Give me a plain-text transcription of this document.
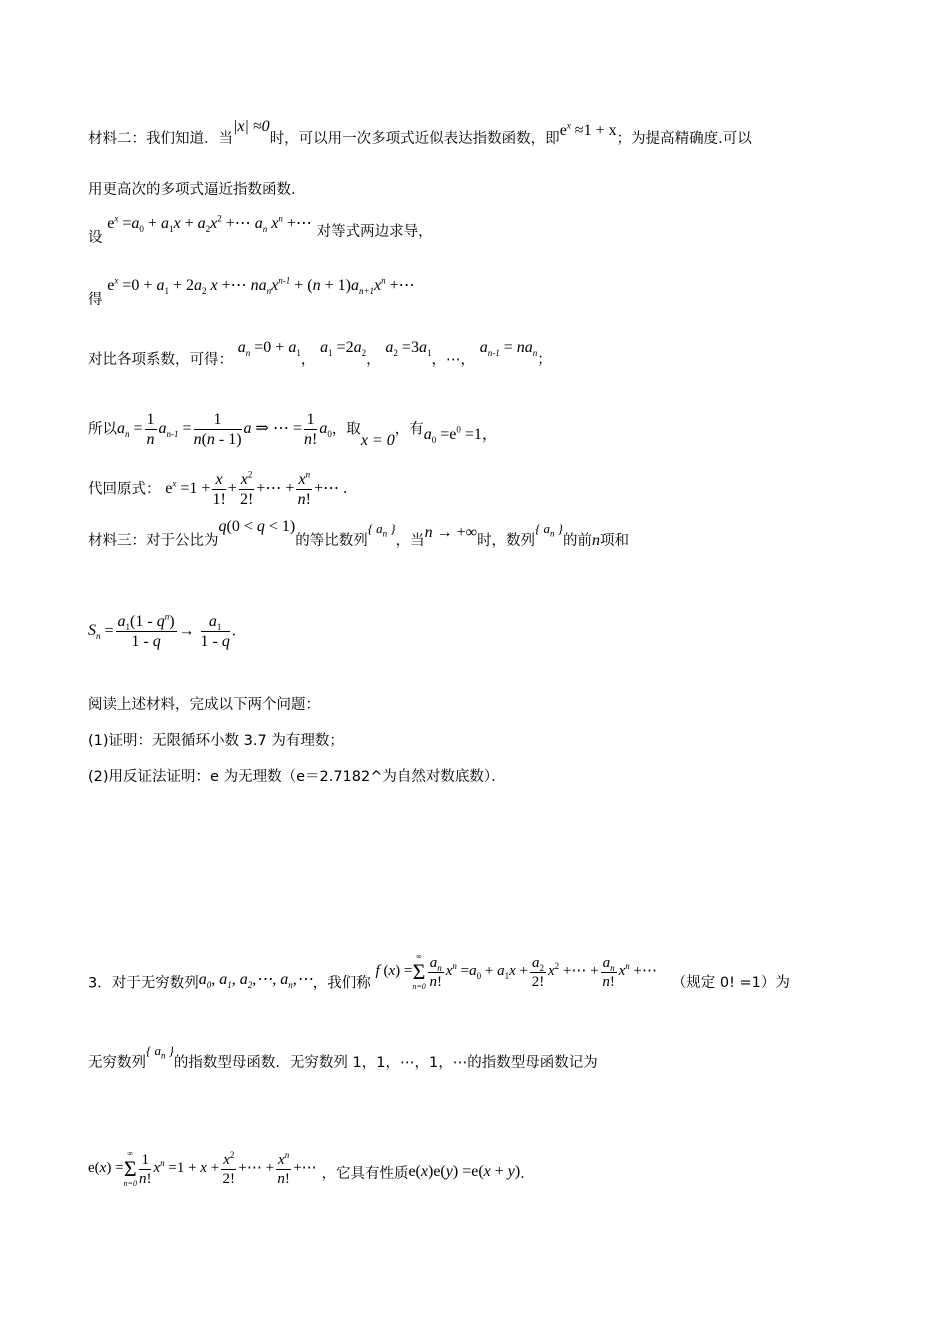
材料二：我们知道．当|x| ≈0时，可以用一次多项式近似表达指数函数，即$e^x \approx 1 + x$；为提高精确度.可以
用更高次的多项式逼近指数函数．
设 $e^x =a_0 + a_1x + a_2x^2$ +⋯ $a_n$ $x^n$ +⋯ 对等式两边求导，
得 $e^x =0 + a_1 + 2a_2$ x +⋯ $na_nx^{n-1} + (n + 1)a_{n+1}x^n$ +⋯
对比各项系数，可得： $a_n =0 + a_1$， $a_1 =2a_2$， $a_2 =3a_1$，⋯， $a_{n-1} = na_n$；
所以$a_n = \frac{1}{n} a_{n-1} = \frac{1}{n(n - 1)}$ a ⇒ ⋯ = $\frac{1}{n!} a_0$，取x = 0，有$a_0 =e^0 =1$，
代回原式： $e^x =1 + \frac{x}{1!} + \frac{x^2}{2!}$ +⋯ + $\frac{x^n}{n!}$ +⋯ .
材料三：对于公比为q(0 < q < 1)的等比数列{ $a_n$ }，当n → +∞时，数列{ $a_n$ }的前n项和
$S_n = \frac{a_1(1 - q^n)}{1 - q} \to \frac{a_1}{1 - q}$ .
阅读上述材料，完成以下两个问题：
(1)证明：无限循环小数 3.7 为有理数；
(2)用反证法证明：e 为无理数（e＝2.7182^为自然对数底数）．
3．对于无穷数列$a_0$, $a_1$, $a_2,\cdots$, $a_n,\cdots$，我们称 f (x) =
∞
Σ
$n=0 \frac{a_n}{n!} x^n =a_0 + a_1x + \frac{a_2}{2!} x^2$ +⋯ + $\frac{a_n}{n!} x^n$ +⋯ （规定 0! =1）为
无穷数列{ $a_n$ }的指数型母函数．无穷数列 1，1，⋯，1，⋯的指数型母函数记为
e(x) =
∞
Σ
$n=0 \frac{1}{n!} x^n =1 + x + \frac{x^2}{2!}$ +⋯ + $\frac{x^n}{n!}$ +⋯ ，它具有性质e(x)e(y) =e(x + y)．
